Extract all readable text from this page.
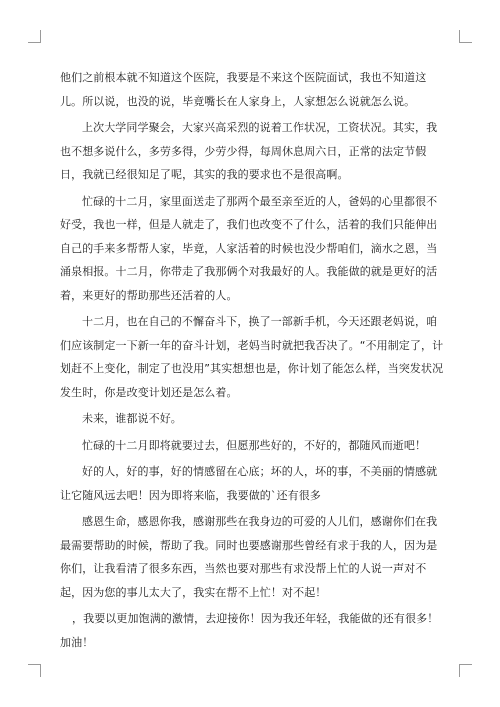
他们之前根本就不知道这个医院，我要是不来这个医院面试，我也不知道这儿。所以说，也没的说，毕竟嘴长在人家身上，人家想怎么说就怎么说。

上次大学同学聚会，大家兴高采烈的说着工作状况，工资状况。其实，我也不想多说什么，多劳多得，少劳少得，每周休息周六日，正常的法定节假日，我就已经很知足了呢，其实的我的要求也不是很高啊。

忙碌的十二月，家里面送走了那两个最至亲至近的人，爸妈的心里都很不好受，我也一样，但是人就走了，我们也改变不了什么，活着的我们只能伸出自己的手来多帮帮人家，毕竟，人家活着的时候也没少帮咱们，滴水之恩，当涌泉相报。十二月，你带走了我那俩个对我最好的人。我能做的就是更好的活着，来更好的帮助那些还活着的人。

十二月，也在自己的不懈奋斗下，换了一部新手机，今天还跟老妈说，咱们应该制定一下新一年的奋斗计划，老妈当时就把我否决了。“不用制定了，计划赶不上变化，制定了也没用”其实想想也是，你计划了能怎么样，当突发状况发生时，你是改变计划还是怎么着。

未来，谁都说不好。

忙碌的十二月即将就要过去，但愿那些好的，不好的，都随风而逝吧！

好的人，好的事，好的情感留在心底；坏的人，坏的事，不美丽的情感就让它随风远去吧！因为即将来临，我要做的`还有很多

感恩生命，感恩你我，感谢那些在我身边的可爱的人儿们，感谢你们在我最需要帮助的时候，帮助了我。同时也要感谢那些曾经有求于我的人，因为是你们，让我看清了很多东西，当然也要对那些有求没帮上忙的人说一声对不起，因为您的事儿太大了，我实在帮不上忙！对不起！

，我要以更加饱满的激情，去迎接你！因为我还年轻，我能做的还有很多！加油！
